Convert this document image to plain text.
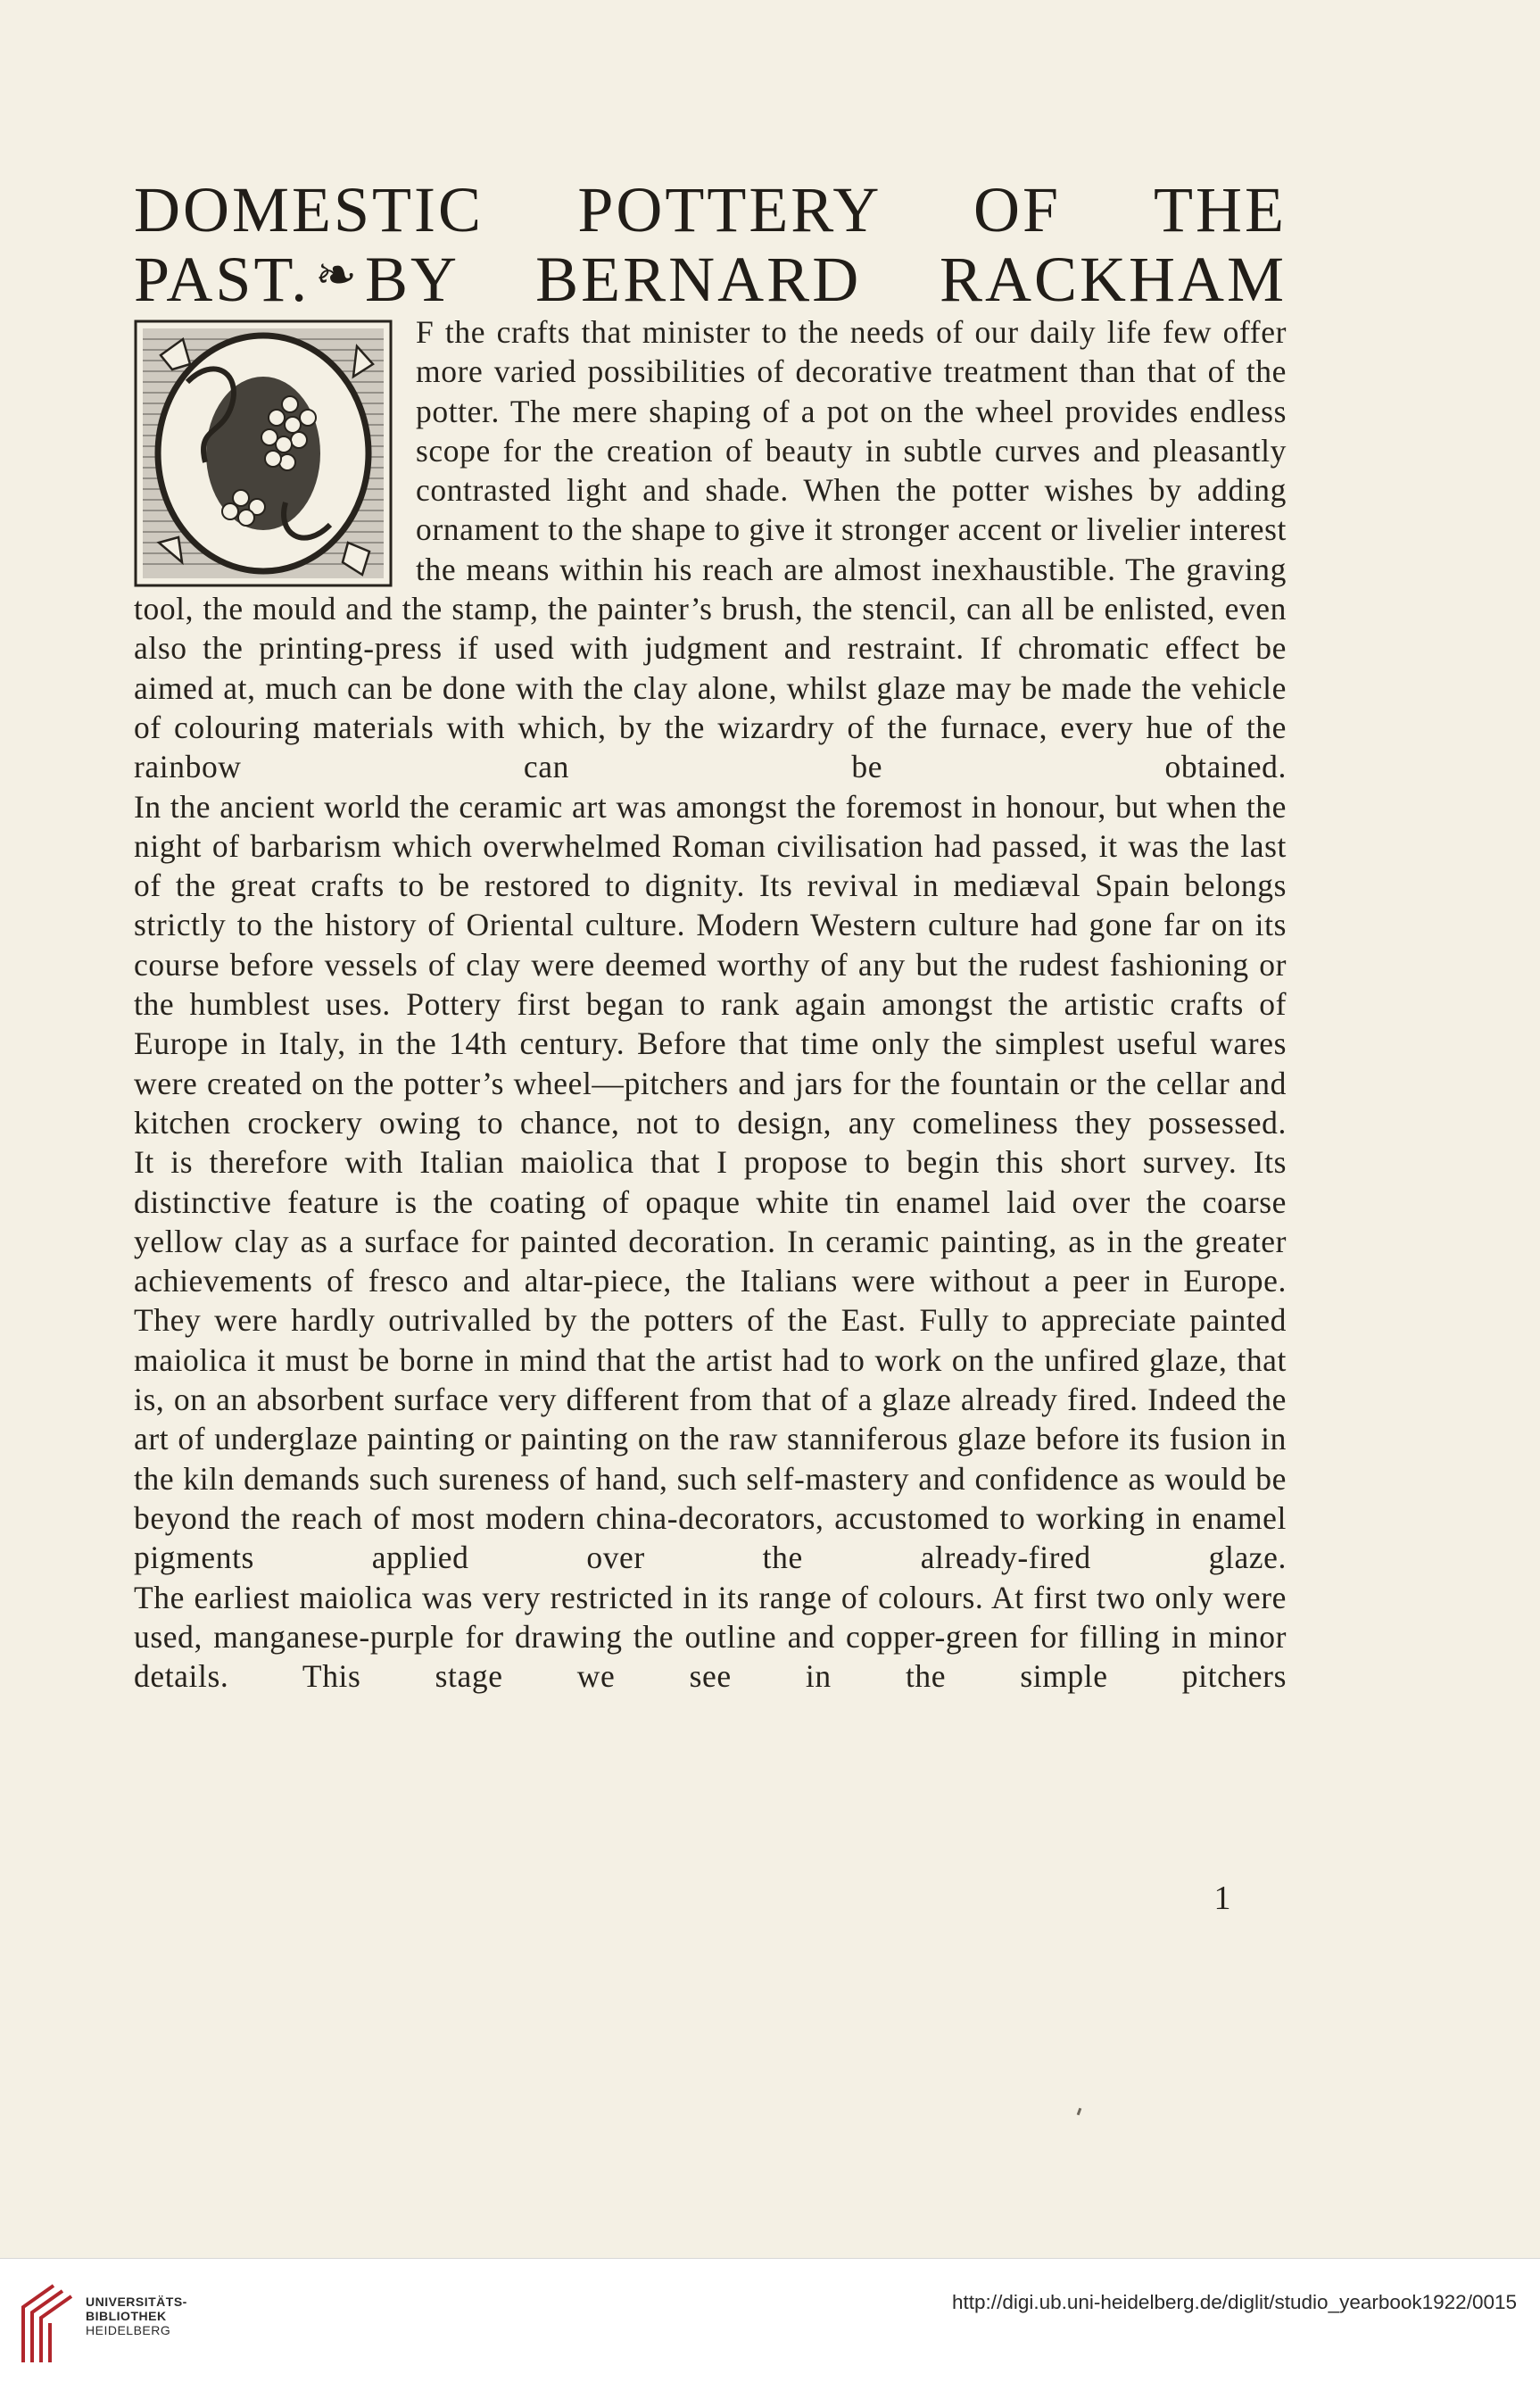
DOMESTIC POTTERY OF THE
PAST. ❧BY BERNARD RACKHAM

F the crafts that minister to the needs of our daily life few offer more varied possibilities of decorative treatment than that of the potter. The mere shaping of a pot on the wheel provides endless scope for the creation of beauty in subtle curves and pleasantly contrasted light and shade. When the potter wishes by adding ornament to the shape to give it stronger accent or livelier interest the means within his reach are almost inexhaustible. The graving tool, the mould and the stamp, the painter’s brush, the stencil, can all be enlisted, even also the printing-press if used with judgment and restraint. If chromatic effect be aimed at, much can be done with the clay alone, whilst glaze may be made the vehicle of colouring materials with which, by the wizardry of the furnace, every hue of the rainbow can be obtained.

In the ancient world the ceramic art was amongst the foremost in honour, but when the night of barbarism which overwhelmed Roman civilisation had passed, it was the last of the great crafts to be restored to dignity. Its revival in mediæval Spain belongs strictly to the history of Oriental culture. Modern Western culture had gone far on its course before vessels of clay were deemed worthy of any but the rudest fashioning or the humblest uses. Pottery first began to rank again amongst the artistic crafts of Europe in Italy, in the 14th century. Before that time only the simplest useful wares were created on the potter’s wheel—pitchers and jars for the fountain or the cellar and kitchen crockery owing to chance, not to design, any comeliness they possessed.

It is therefore with Italian maiolica that I propose to begin this short survey. Its distinctive feature is the coating of opaque white tin enamel laid over the coarse yellow clay as a surface for painted decoration. In ceramic painting, as in the greater achievements of fresco and altar-piece, the Italians were without a peer in Europe. They were hardly outrivalled by the potters of the East. Fully to appreciate painted maiolica it must be borne in mind that the artist had to work on the unfired glaze, that is, on an absorbent surface very different from that of a glaze already fired. Indeed the art of underglaze painting or painting on the raw stanniferous glaze before its fusion in the kiln demands such sureness of hand, such self-mastery and confidence as would be beyond the reach of most modern china-decorators, accustomed to working in enamel pigments applied over the already-fired glaze.

The earliest maiolica was very restricted in its range of colours. At first two only were used, manganese-purple for drawing the outline and copper-green for filling in minor details. This stage we see in the simple pitchers

1
UNIVERSITÄTS-
BIBLIOTHEK
HEIDELBERG
http://digi.ub.uni-heidelberg.de/diglit/studio_yearbook1922/0015
